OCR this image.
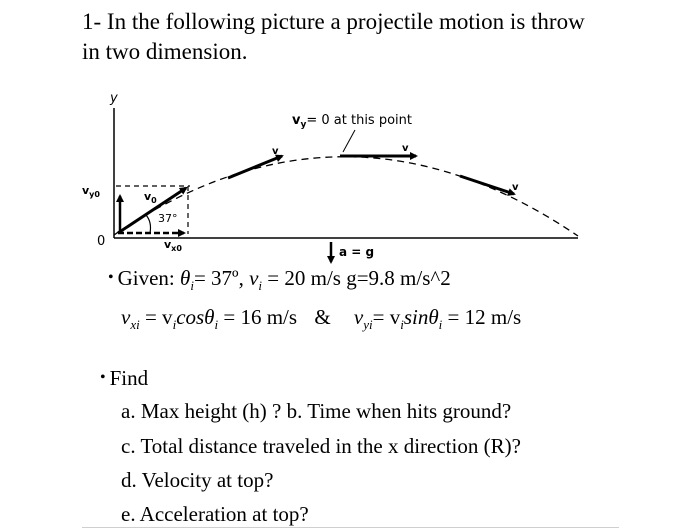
1- In the following picture a projectile motion is throw
in two dimension.
y
0
$v_{y0}$	$v_0$
37°
$v_{x0}$
$v_y= 0$ at this point
v	v
v
a = g
• Given: $\theta_i=$ 37º, $v_i = 20$ m/s g=9.8 m/s^2
$v_{xi} = v_i\cos\theta_i = 16$ m/s & $v_{yi}= v_i\sin\theta_i = 12$ m/s
• Find
a. Max height (h) ? b. Time when hits ground?
c. Total distance traveled in the x direction (R)?
d. Velocity at top?
e. Acceleration at top?
